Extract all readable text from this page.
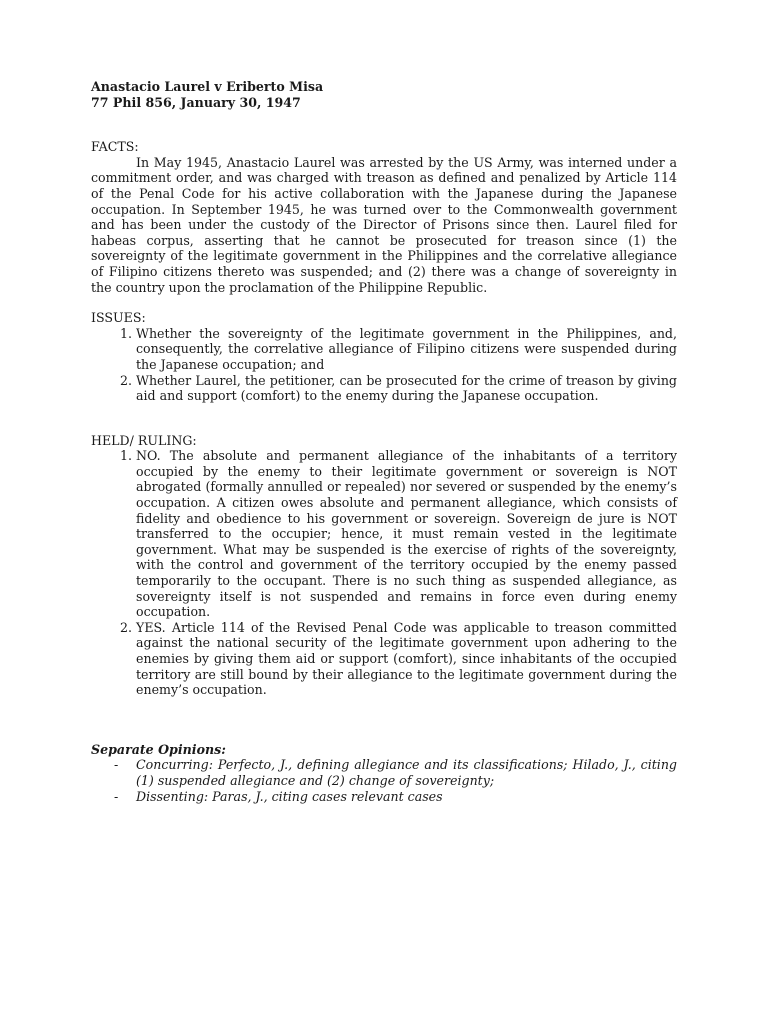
Anastacio Laurel v Eriberto Misa

77 Phil 856, January 30, 1947

FACTS:

In May 1945, Anastacio Laurel was arrested by the US Army, was interned under a commitment order, and was charged with treason as defined and penalized by Article 114 of the Penal Code for his active collaboration with the Japanese during the Japanese occupation. In September 1945, he was turned over to the Commonwealth government and has been under the custody of the Director of Prisons since then. Laurel filed for habeas corpus, asserting that he cannot be prosecuted for treason since (1) the sovereignty of the legitimate government in the Philippines and the correlative allegiance of Filipino citizens thereto was suspended; and (2) there was a change of sovereignty in the country upon the proclamation of the Philippine Republic.

ISSUES:

1. Whether the sovereignty of the legitimate government in the Philippines, and, consequently, the correlative allegiance of Filipino citizens were suspended during the Japanese occupation; and
2. Whether Laurel, the petitioner, can be prosecuted for the crime of treason by giving aid and support (comfort) to the enemy during the Japanese occupation.

HELD/ RULING:

1. NO. The absolute and permanent allegiance of the inhabitants of a territory occupied by the enemy to their legitimate government or sovereign is NOT abrogated (formally annulled or repealed) nor severed or suspended by the enemy’s occupation. A citizen owes absolute and permanent allegiance, which consists of fidelity and obedience to his government or sovereign. Sovereign de jure is NOT transferred to the occupier; hence, it must remain vested in the legitimate government. What may be suspended is the exercise of rights of the sovereignty, with the control and government of the territory occupied by the enemy passed temporarily to the occupant. There is no such thing as suspended allegiance, as sovereignty itself is not suspended and remains in force even during enemy occupation.
2. YES. Article 114 of the Revised Penal Code was applicable to treason committed against the national security of the legitimate government upon adhering to the enemies by giving them aid or support (comfort), since inhabitants of the occupied territory are still bound by their allegiance to the legitimate government during the enemy’s occupation.

Separate Opinions:

- Concurring: Perfecto, J., defining allegiance and its classifications; Hilado, J., citing (1) suspended allegiance and (2) change of sovereignty;
- Dissenting: Paras, J., citing cases relevant cases
